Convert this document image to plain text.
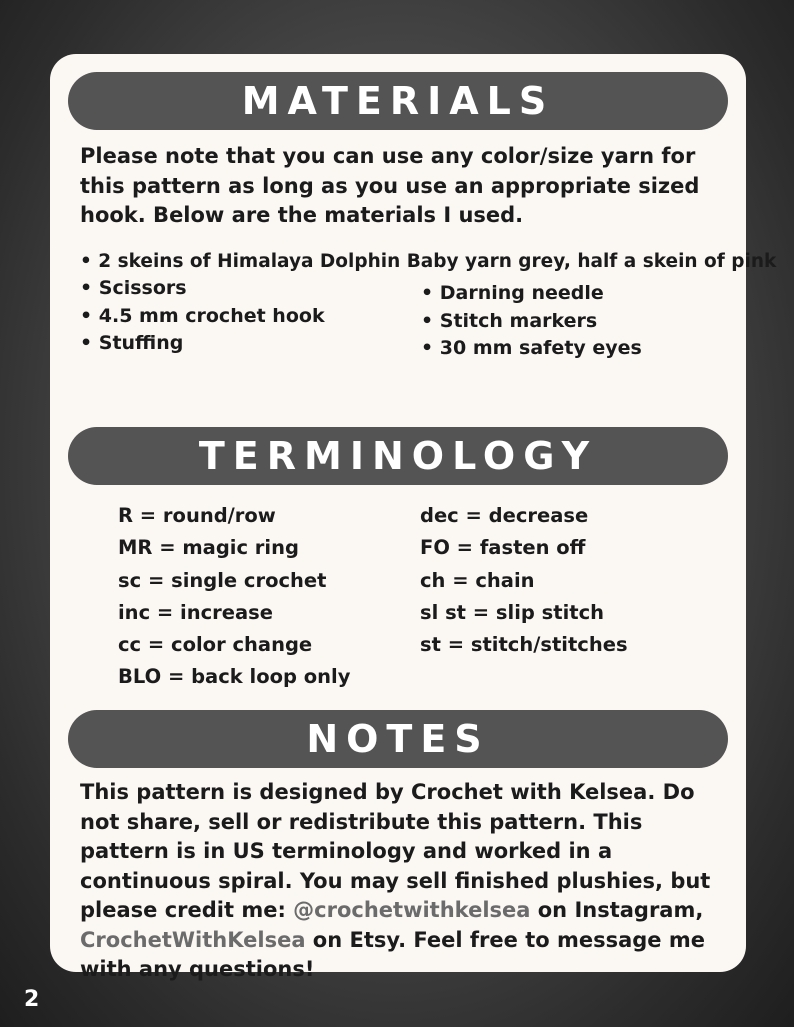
MATERIALS
Please note that you can use any color/size yarn for this pattern as long as you use an appropriate sized hook. Below are the materials I used.
• 2 skeins of Himalaya Dolphin Baby yarn grey, half a skein of pink
• Scissors
• 4.5 mm crochet hook
• Stuffing
• Darning needle
• Stitch markers
• 30 mm safety eyes
TERMINOLOGY
R = round/row
MR = magic ring
sc = single crochet
inc = increase
cc = color change
BLO = back loop only
dec = decrease
FO = fasten off
ch = chain
sl st = slip stitch
st = stitch/stitches
NOTES
This pattern is designed by Crochet with Kelsea. Do not share, sell or redistribute this pattern. This pattern is in US terminology and worked in a continuous spiral. You may sell finished plushies, but please credit me: @crochetwithkelsea on Instagram, CrochetWithKelsea on Etsy. Feel free to message me with any questions!
2
